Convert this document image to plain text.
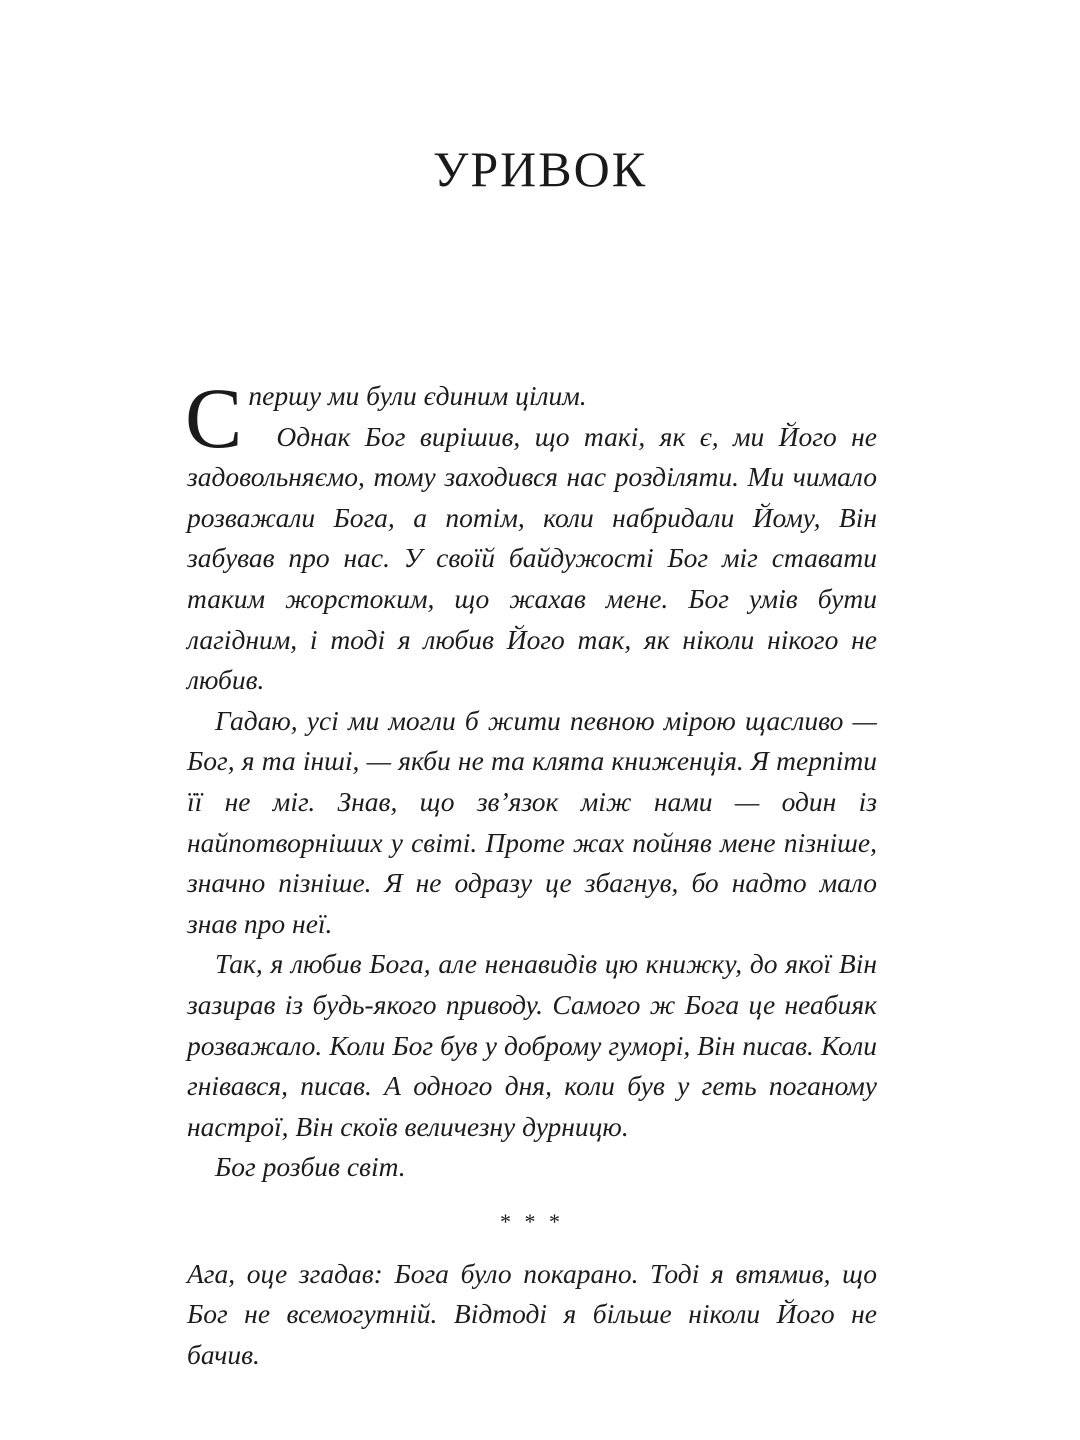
УРИВОК

Спершу ми були єдиним цілим.

Однак Бог вирішив, що такі, як є, ми Його не задовольняємо, тому заходився нас розділяти. Ми чимало розважали Бога, а потім, коли набридали Йому, Він забував про нас. У своїй байдужості Бог міг ставати таким жорстоким, що жахав мене. Бог умів бути лагідним, і тоді я любив Його так, як ніколи нікого не любив.

Гадаю, усі ми могли б жити певною мірою щасливо — Бог, я та інші, — якби не та клята книженція. Я терпіти її не міг. Знав, що зв’язок між нами — один із найпотворніших у світі. Проте жах пойняв мене пізніше, значно пізніше. Я не одразу це збагнув, бо надто мало знав про неї.

Так, я любив Бога, але ненавидів цю книжку, до якої Він зазирав із будь-якого приводу. Самого ж Бога це неабияк розважало. Коли Бог був у доброму гуморі, Він писав. Коли гнівався, писав. А одного дня, коли був у геть поганому настрої, Він скоїв величезну дурницю.

Бог розбив світ.

* * *

Ага, оце згадав: Бога було покарано. Тоді я втямив, що Бог не всемогутній. Відтоді я більше ніколи Його не бачив.
